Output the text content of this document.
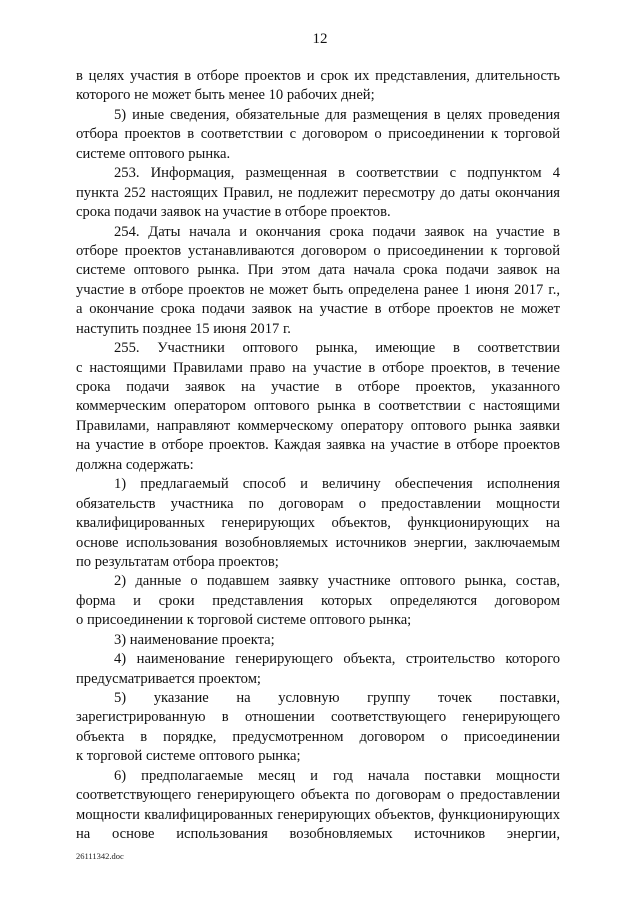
12
в целях участия в отборе проектов и срок их представления, длительность
которого не может быть менее 10 рабочих дней;
5) иные сведения, обязательные для размещения в целях проведения
отбора проектов в соответствии с договором о присоединении к торговой
системе оптового рынка.
253. Информация, размещенная в соответствии с подпунктом 4
пункта 252 настоящих Правил, не подлежит пересмотру до даты окончания
срока подачи заявок на участие в отборе проектов.
254. Даты начала и окончания срока подачи заявок на участие в
отборе проектов устанавливаются договором о присоединении к торговой
системе оптового рынка. При этом дата начала срока подачи заявок на
участие в отборе проектов не может быть определена ранее 1 июня 2017 г.,
а окончание срока подачи заявок на участие в отборе проектов не может
наступить позднее 15 июня 2017 г.
255. Участники оптового рынка, имеющие в соответствии
с настоящими Правилами право на участие в отборе проектов, в течение
срока подачи заявок на участие в отборе проектов, указанного
коммерческим оператором оптового рынка в соответствии с настоящими
Правилами, направляют коммерческому оператору оптового рынка заявки
на участие в отборе проектов. Каждая заявка на участие в отборе проектов
должна содержать:
1) предлагаемый способ и величину обеспечения исполнения
обязательств участника по договорам о предоставлении мощности
квалифицированных генерирующих объектов, функционирующих на
основе использования возобновляемых источников энергии, заключаемым
по результатам отбора проектов;
2) данные о подавшем заявку участнике оптового рынка, состав,
форма и сроки представления которых определяются договором
о присоединении к торговой системе оптового рынка;
3) наименование проекта;
4) наименование генерирующего объекта, строительство которого
предусматривается проектом;
5) указание на условную группу точек поставки,
зарегистрированную в отношении соответствующего генерирующего
объекта в порядке, предусмотренном договором о присоединении
к торговой системе оптового рынка;
6) предполагаемые месяц и год начала поставки мощности
соответствующего генерирующего объекта по договорам о предоставлении
мощности квалифицированных генерирующих объектов, функционирующих
на основе использования возобновляемых источников энергии,
26111342.doc
